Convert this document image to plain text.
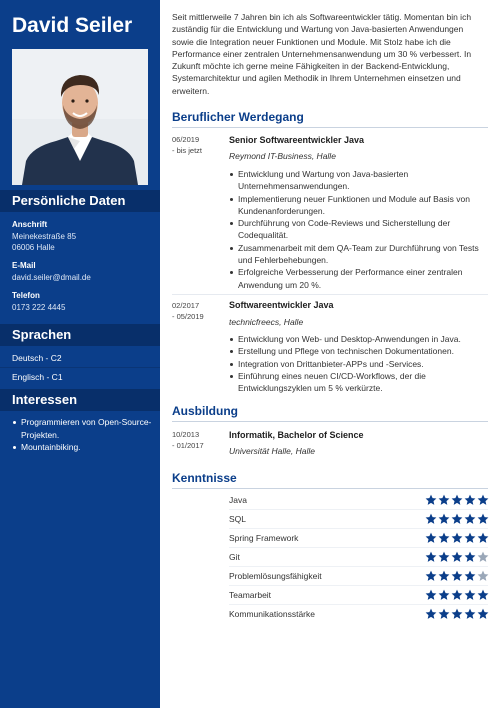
David Seiler
Persönliche Daten
Anschrift
Meinekestraße 85
06006 Halle
E-Mail
david.seiler@dmail.de
Telefon
0173 222 4445
Sprachen
Deutsch - C2
Englisch - C1
Interessen
Programmieren von Open-Source-Projekten.
Mountainbiking.
Seit mittlerweile 7 Jahren bin ich als Softwareentwickler tätig. Momentan bin ich zuständig für die Entwicklung und Wartung von Java-basierten Anwendungen sowie die Integration neuer Funktionen und Module. Mit Stolz habe ich die Performance einer zentralen Unternehmensanwendung um 30 % verbessert. In Zukunft möchte ich gerne meine Fähigkeiten in der Backend-Entwicklung, Systemarchitektur und agilen Methodik in Ihrem Unternehmen einsetzen und erweitern.
Beruflicher Werdegang
06/2019
- bis jetzt
Senior Softwareentwickler Java
Reymond IT-Business, Halle
Entwicklung und Wartung von Java-basierten Unternehmensanwendungen.
Implementierung neuer Funktionen und Module auf Basis von Kundenanforderungen.
Durchführung von Code-Reviews und Sicherstellung der Codequalität.
Zusammenarbeit mit dem QA-Team zur Durchführung von Tests und Fehlerbehebungen.
Erfolgreiche Verbesserung der Performance einer zentralen Anwendung um 20 %.
02/2017
- 05/2019
Softwareentwickler Java
technicfreecs, Halle
Entwicklung von Web- und Desktop-Anwendungen in Java.
Erstellung und Pflege von technischen Dokumentationen.
Integration von Drittanbieter-APPs und -Services.
Einführung eines neuen CI/CD-Workflows, der die Entwicklungszyklen um 5 % verkürzte.
Ausbildung
10/2013
- 01/2017
Informatik, Bachelor of Science
Universität Halle, Halle
Kenntnisse
Java
SQL
Spring Framework
Git
Problemlösungsfähigkeit
Teamarbeit
Kommunikationsstärke
